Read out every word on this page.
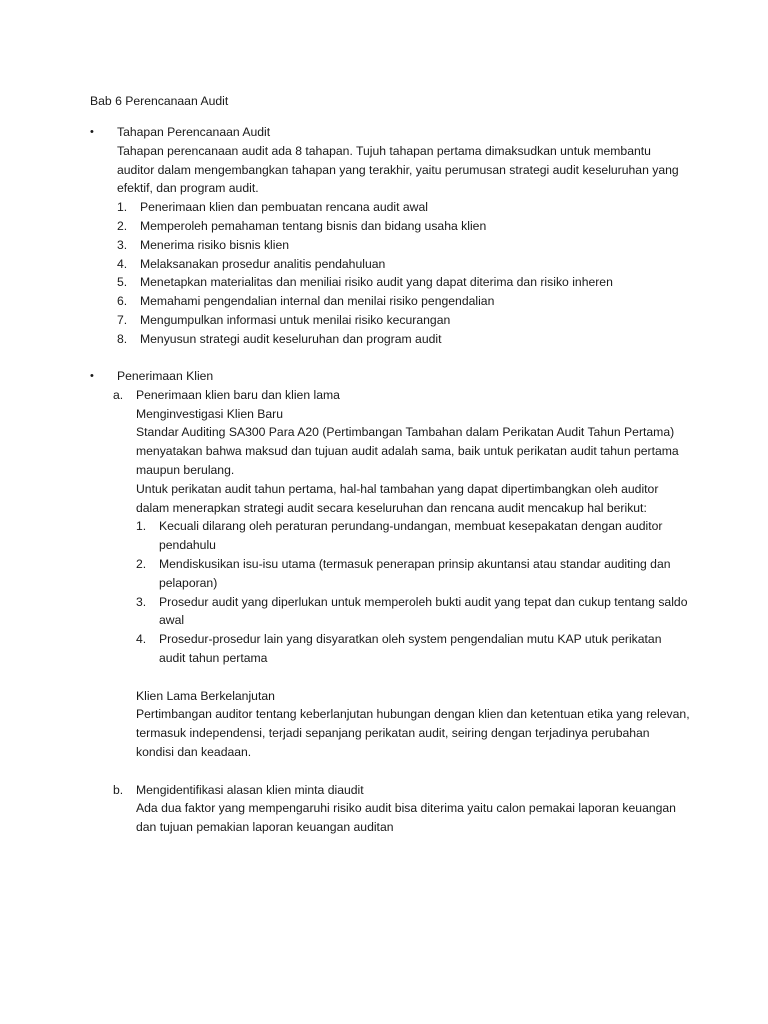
Bab 6 Perencanaan Audit
• Tahapan Perencanaan Audit
Tahapan perencanaan audit ada 8 tahapan. Tujuh tahapan pertama dimaksudkan untuk membantu auditor dalam mengembangkan tahapan yang terakhir, yaitu perumusan strategi audit keseluruhan yang efektif, dan program audit.
1. Penerimaan klien dan pembuatan rencana audit awal
2. Memperoleh pemahaman tentang bisnis dan bidang usaha klien
3. Menerima risiko bisnis klien
4. Melaksanakan prosedur analitis pendahuluan
5. Menetapkan materialitas dan meniliai risiko audit yang dapat diterima dan risiko inheren
6. Memahami pengendalian internal dan menilai risiko pengendalian
7. Mengumpulkan informasi untuk menilai risiko kecurangan
8. Menyusun strategi audit keseluruhan dan program audit
• Penerimaan Klien
a. Penerimaan klien baru dan klien lama
Menginvestigasi Klien Baru
Standar Auditing SA300 Para A20 (Pertimbangan Tambahan dalam Perikatan Audit Tahun Pertama) menyatakan bahwa maksud dan tujuan audit adalah sama, baik untuk perikatan audit tahun pertama maupun berulang.
Untuk perikatan audit tahun pertama, hal-hal tambahan yang dapat dipertimbangkan oleh auditor dalam menerapkan strategi audit secara keseluruhan dan rencana audit mencakup hal berikut:
1. Kecuali dilarang oleh peraturan perundang-undangan, membuat kesepakatan dengan auditor pendahulu
2. Mendiskusikan isu-isu utama (termasuk penerapan prinsip akuntansi atau standar auditing dan pelaporan)
3. Prosedur audit yang diperlukan untuk memperoleh bukti audit yang tepat dan cukup tentang saldo awal
4. Prosedur-prosedur lain yang disyaratkan oleh system pengendalian mutu KAP utuk perikatan audit tahun pertama
Klien Lama Berkelanjutan
Pertimbangan auditor tentang keberlanjutan hubungan dengan klien dan ketentuan etika yang relevan, termasuk independensi, terjadi sepanjang perikatan audit, seiring dengan terjadinya perubahan kondisi dan keadaan.
b. Mengidentifikasi alasan klien minta diaudit
Ada dua faktor yang mempengaruhi risiko audit bisa diterima yaitu calon pemakai laporan keuangan dan tujuan pemakian laporan keuangan auditan
